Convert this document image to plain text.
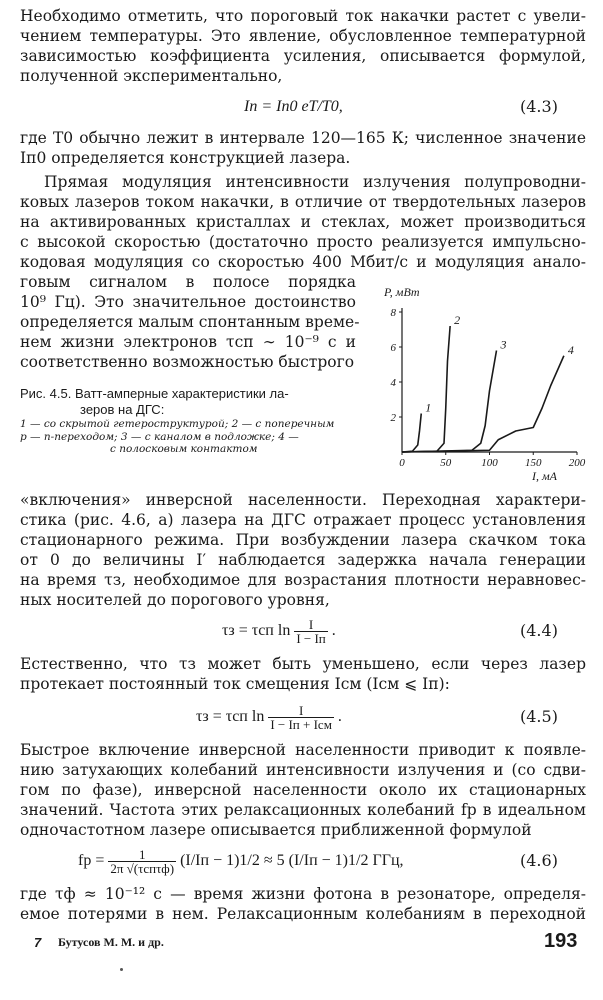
Необходимо отметить, что пороговый ток накачки растет с увели-
чением температуры. Это явление, обусловленное температурной
зависимостью коэффициента усиления, описывается формулой,
полученной экспериментально,
Iп = Iп0 eT/T0,	(4.3)
где T0 обычно лежит в интервале 120—165 К; численное значение
Iп0 определяется конструкцией лазера.
Прямая модуляция интенсивности излучения полупроводни-
ковых лазеров током накачки, в отличие от твердотельных лазеров
на активированных кристаллах и стеклах, может производиться
с высокой скоростью (достаточно просто реализуется импульсно-
кодовая модуляция со скоростью 400 Мбит/с и модуляция анало-
говым сигналом в полосе порядка
10⁹ Гц). Это значительное достоинство
определяется малым спонтанным време-
нем жизни электронов τсп ∼ 10⁻⁹ с и
соответственно возможностью быстрого
Рис. 4.5. Ватт-амперные характеристики ла-
зеров на ДГС:
1 — со скрытой гетероструктурой; 2 — с поперечным
p — n-переходом; 3 — с каналом в подложке; 4 —
с полосковым контактом
0	50	100 150 200
2
4
6
8
1
2
3	4
P, мВт
I, мА
«включения» инверсной населенности. Переходная характери-
стика (рис. 4.6, а) лазера на ДГС отражает процесс установления
стационарного режима. При возбуждении лазера скачком тока
от 0 до величины I′ наблюдается задержка начала генерации
на время τз, необходимое для возрастания плотности неравновес-
ных носителей до порогового уровня,
τз = τсп $\ln \frac{I}{I - Iп}$ .	(4.4)
Естественно, что τз может быть уменьшено, если через лазер
протекает постоянный ток смещения Iсм (Iсм ⩽ Iп):
τз = τсп $\ln \frac{I}{\text{I − Iп + Iсм}}$ .	(4.5)
Быстрое включение инверсной населенности приводит к появле-
нию затухающих колебаний интенсивности излучения и (со сдви-
гом по фазе), инверсной населенности около их стационарных
значений. Частота этих релаксационных колебаний fр в идеальном
одночастотном лазере описывается приближенной формулой
fр = $\frac{1}{\text{2π √(τспτф)}} (I/Iп - 1)1/2 \approx 5$ (I/Iп − 1)1/2 ГГц,	(4.6)
где τф ≈ 10⁻¹² с — время жизни фотона в резонаторе, определя-
емое потерями в нем. Релаксационным колебаниям в переходной
7 Бутусов М. М. и др.	193
